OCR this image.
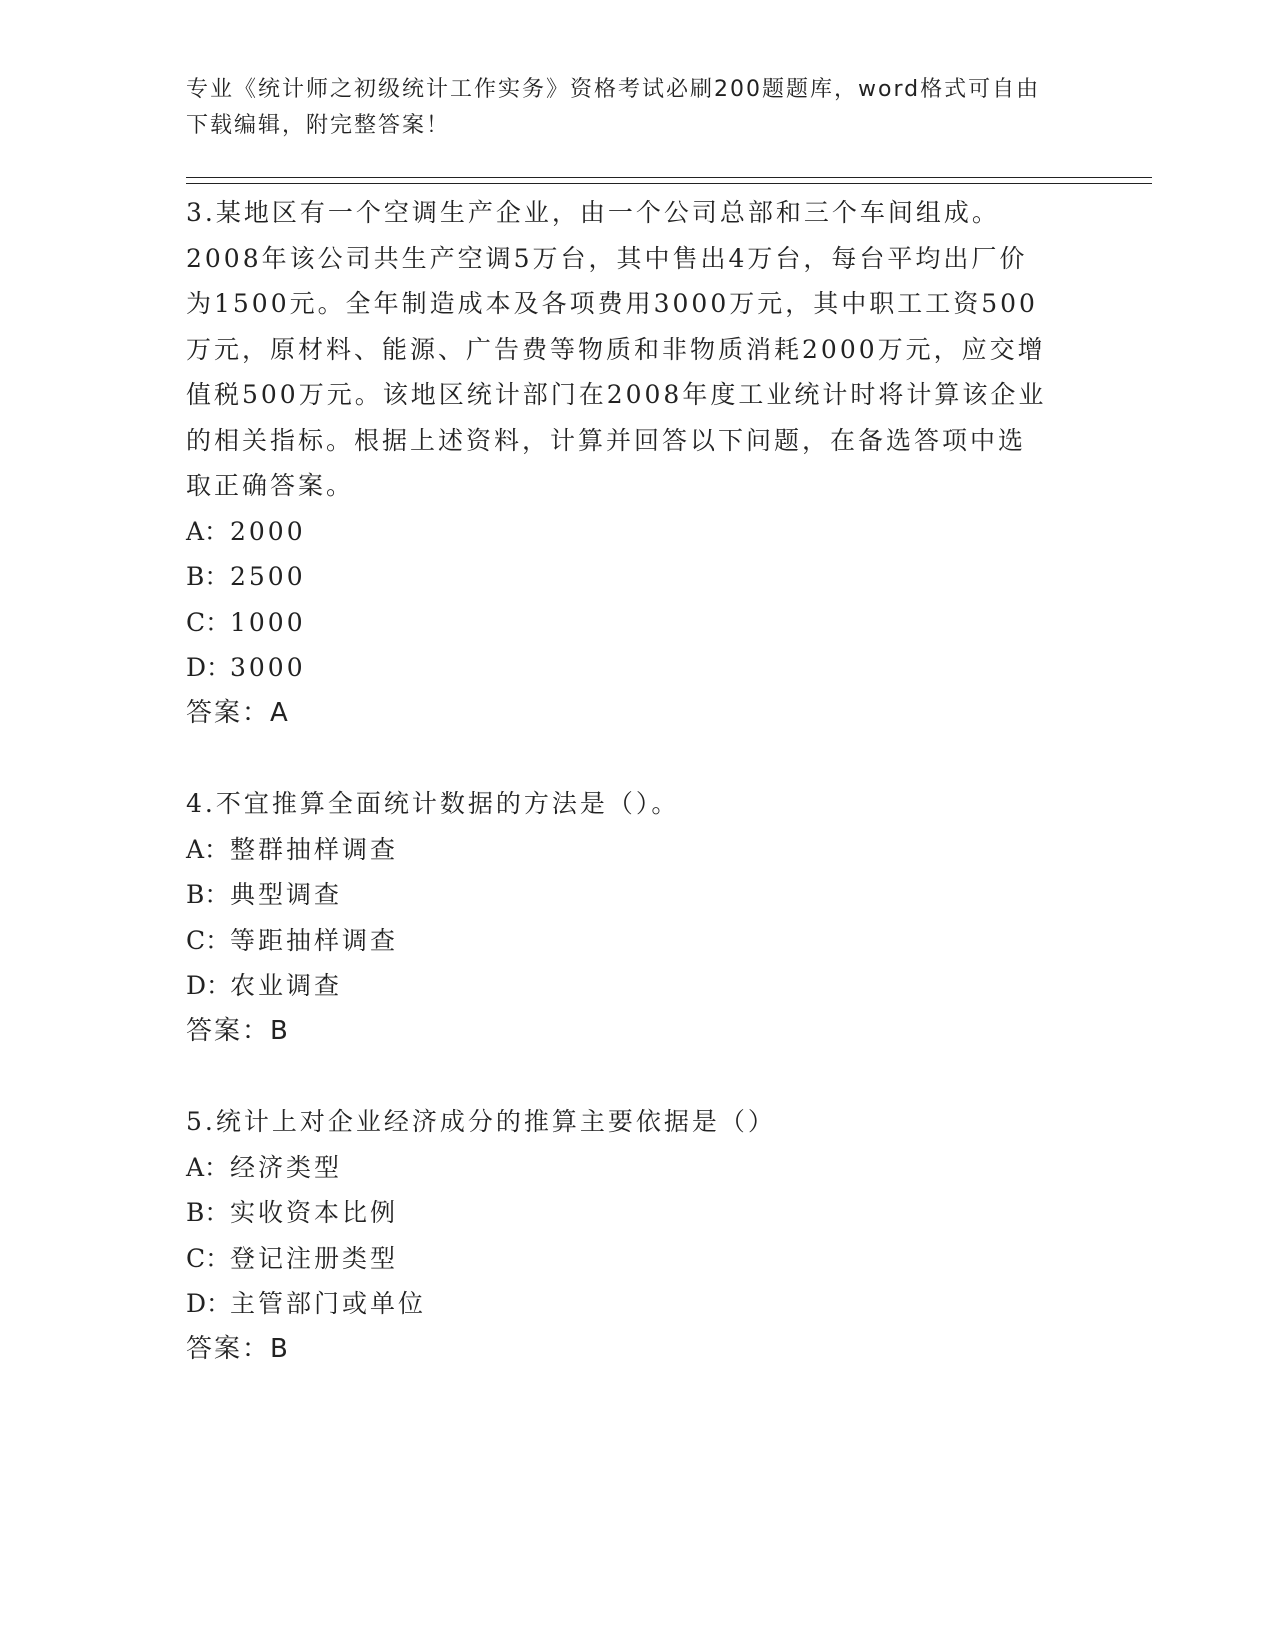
专业《统计师之初级统计工作实务》资格考试必刷200题题库，word格式可自由
下载编辑，附完整答案！

3.某地区有一个空调生产企业，由一个公司总部和三个车间组成。

2008年该公司共生产空调5万台，其中售出4万台，每台平均出厂价

为1500元。全年制造成本及各项费用3000万元，其中职工工资500

万元，原材料、能源、广告费等物质和非物质消耗2000万元，应交增

值税500万元。该地区统计部门在2008年度工业统计时将计算该企业

的相关指标。根据上述资料，计算并回答以下问题，在备选答项中选

取正确答案。

A：2000

B：2500

C：1000

D：3000

答案：A

4.不宜推算全面统计数据的方法是（）。

A：整群抽样调查

B：典型调查

C：等距抽样调查

D：农业调查

答案：B

5.统计上对企业经济成分的推算主要依据是（）

A：经济类型

B：实收资本比例

C：登记注册类型

D：主管部门或单位

答案：B
